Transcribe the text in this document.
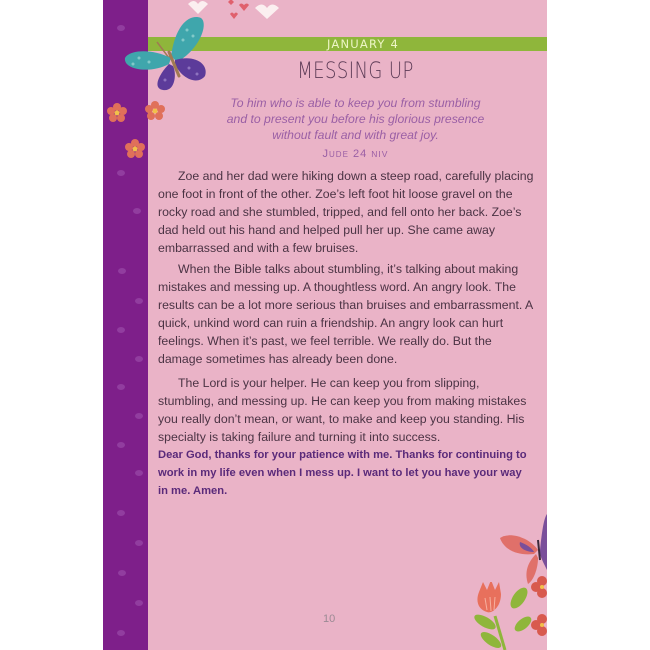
JANUARY 4
MESSING UP
To him who is able to keep you from stumbling
and to present you before his glorious presence
without fault and with great joy.
Jude 24 NIV

Zoe and her dad were hiking down a steep road, carefully placing one foot in front of the other. Zoe’s left foot hit loose gravel on the rocky road and she stumbled, tripped, and fell onto her back. Zoe’s dad held out his hand and helped pull her up. She came away embarrassed and with a few bruises.

When the Bible talks about stumbling, it’s talking about making mistakes and messing up. A thoughtless word. An angry look. The results can be a lot more serious than bruises and embarrassment. A quick, unkind word can ruin a friendship. An angry look can hurt feelings. When it’s past, we feel terrible. We really do. But the damage sometimes has already been done.

The Lord is your helper. He can keep you from slipping, stumbling, and messing up. He can keep you from making mistakes you really don’t mean, or want, to make and keep you standing. His specialty is taking failure and turning it into success.

Dear God, thanks for your patience with me. Thanks for continuing to work in my life even when I mess up. I want to let you have your way in me. Amen.
10
